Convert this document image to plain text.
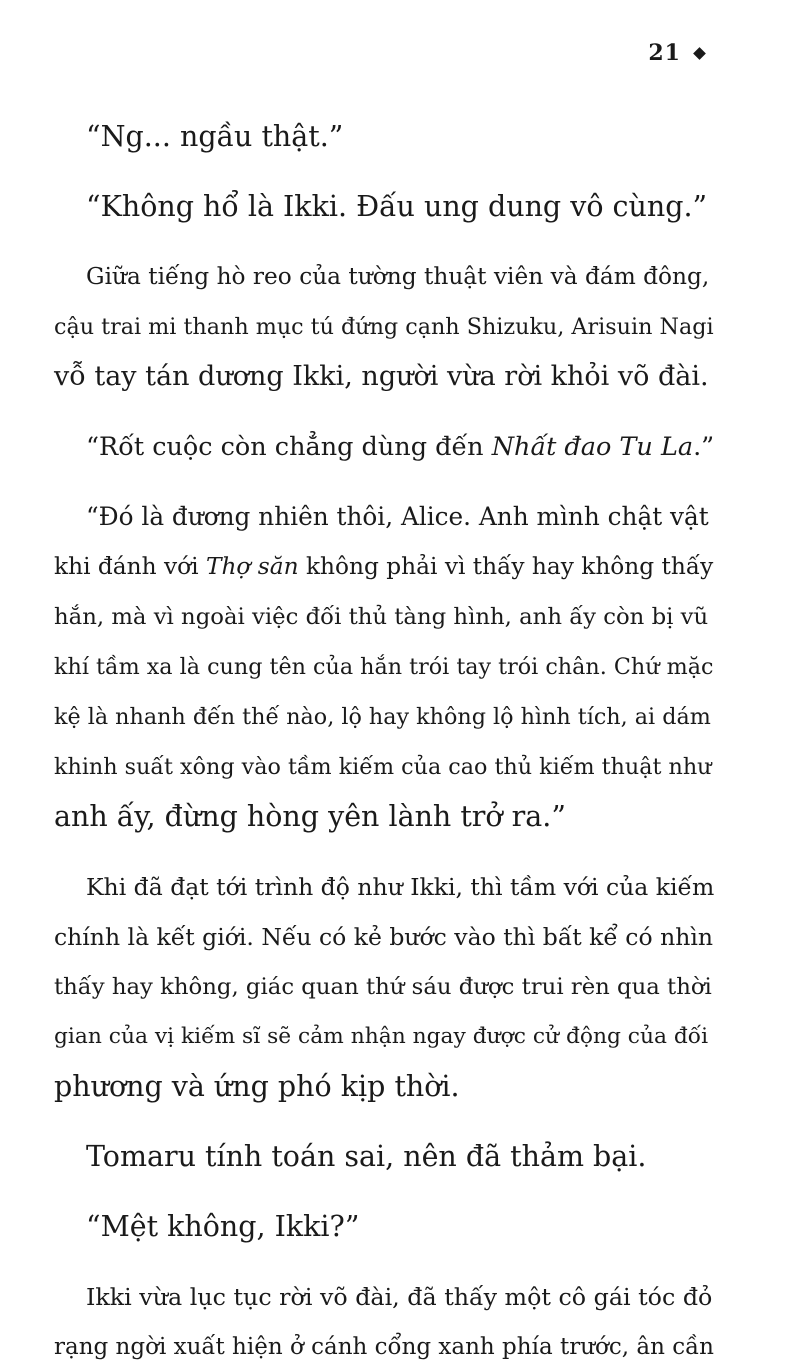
21
“Ng... ngầu thật.”
“Không hổ là Ikki. Đấu ung dung vô cùng.”
Giữa tiếng hò reo của tường thuật viên và đám đông,
cậu trai mi thanh mục tú đứng cạnh Shizuku, Arisuin Nagi
vỗ tay tán dương Ikki, người vừa rời khỏi võ đài.
“Rốt cuộc còn chẳng dùng đến Nhất đao Tu La.”
“Đó là đương nhiên thôi, Alice. Anh mình chật vật
khi đánh với Thợ săn không phải vì thấy hay không thấy
hắn, mà vì ngoài việc đối thủ tàng hình, anh ấy còn bị vũ
khí tầm xa là cung tên của hắn trói tay trói chân. Chứ mặc
kệ là nhanh đến thế nào, lộ hay không lộ hình tích, ai dám
khinh suất xông vào tầm kiếm của cao thủ kiếm thuật như
anh ấy, đừng hòng yên lành trở ra.”
Khi đã đạt tới trình độ như Ikki, thì tầm với của kiếm
chính là kết giới. Nếu có kẻ bước vào thì bất kể có nhìn
thấy hay không, giác quan thứ sáu được trui rèn qua thời
gian của vị kiếm sĩ sẽ cảm nhận ngay được cử động của đối
phương và ứng phó kịp thời.
Tomaru tính toán sai, nên đã thảm bại.
“Mệt không, Ikki?”
Ikki vừa lục tục rời võ đài, đã thấy một cô gái tóc đỏ
rạng ngời xuất hiện ở cánh cổng xanh phía trước, ân cần
